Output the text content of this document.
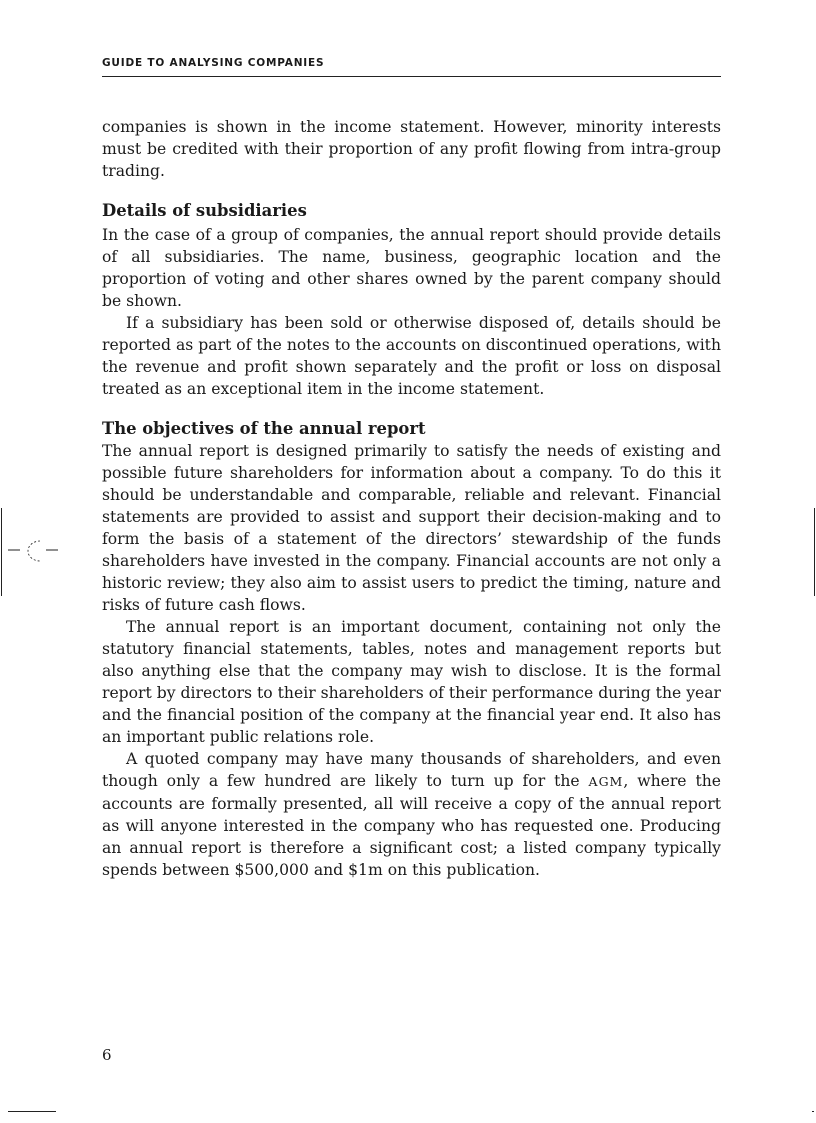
GUIDE TO ANALYSING COMPANIES

companies is shown in the income statement. However, minority interests must be credited with their proportion of any profit flowing from intra-group trading.

Details of subsidiaries

In the case of a group of companies, the annual report should provide details of all subsidiaries. The name, business, geographic location and the proportion of voting and other shares owned by the parent company should be shown.

If a subsidiary has been sold or otherwise disposed of, details should be reported as part of the notes to the accounts on discontinued operations, with the revenue and profit shown separately and the profit or loss on disposal treated as an exceptional item in the income statement.

The objectives of the annual report

The annual report is designed primarily to satisfy the needs of existing and possible future shareholders for information about a company. To do this it should be understandable and comparable, reliable and relevant. Financial statements are provided to assist and support their decision-making and to form the basis of a statement of the directors’ stewardship of the funds shareholders have invested in the company. Financial accounts are not only a historic review; they also aim to assist users to predict the timing, nature and risks of future cash flows.

The annual report is an important document, containing not only the statutory financial statements, tables, notes and management reports but also anything else that the company may wish to disclose. It is the formal report by directors to their shareholders of their performance during the year and the financial position of the company at the financial year end. It also has an important public relations role.

A quoted company may have many thousands of shareholders, and even though only a few hundred are likely to turn up for the AGM, where the accounts are formally presented, all will receive a copy of the annual report as will anyone interested in the company who has requested one. Producing an annual report is therefore a significant cost; a listed company typically spends between $500,000 and $1m on this publication.

6
